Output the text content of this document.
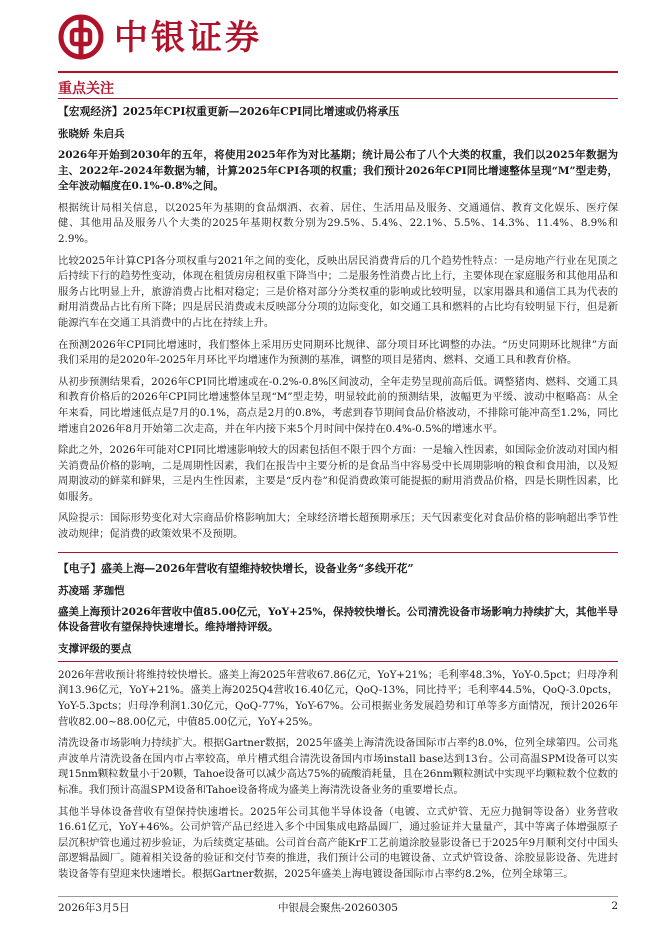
中银证券
重点关注
【宏观经济】2025年CPI权重更新—2026年CPI同比增速或仍将承压
张晓娇 朱启兵

2026年开始到2030年的五年，将使用2025年作为对比基期；统计局公布了八个大类的权重，我们以2025年数据为主、2022年-2024年数据为辅，计算2025年CPI各项的权重；我们预计2026年CPI同比增速整体呈现“M”型走势，全年波动幅度在0.1%-0.8%之间。

根据统计局相关信息，以2025年为基期的食品烟酒、衣着、居住、生活用品及服务、交通通信、教育文化娱乐、医疗保健、其他用品及服务八个大类的2025年基期权数分别为29.5%、5.4%、22.1%、5.5%、14.3%、11.4%、8.9%和2.9%。

比较2025年计算CPI各分项权重与2021年之间的变化，反映出居民消费背后的几个趋势性特点：一是房地产行业在见顶之后持续下行的趋势性变动，体现在租赁房房租权重下降当中；二是服务性消费占比上行，主要体现在家庭服务和其他用品和服务占比明显上升，旅游消费占比相对稳定；三是价格对部分分类权重的影响或比较明显，以家用器具和通信工具为代表的耐用消费品占比有所下降；四是居民消费或未反映部分分项的边际变化，如交通工具和燃料的占比均有较明显下行，但是新能源汽车在交通工具消费中的占比在持续上升。

在预测2026年CPI同比增速时，我们整体上采用历史同期环比规律、部分项目环比调整的办法。“历史同期环比规律”方面我们采用的是2020年-2025年月环比平均增速作为预测的基准，调整的项目是猪肉、燃料、交通工具和教育价格。

从初步预测结果看，2026年CPI同比增速或在-0.2%-0.8%区间波动，全年走势呈现前高后低。调整猪肉、燃料、交通工具和教育价格后的2026年CPI同比增速整体呈现“M”型走势，明显较此前的预测结果，波幅更为平缓、波动中枢略高：从全年来看，同比增速低点是7月的0.1%，高点是2月的0.8%，考虑到春节期间食品价格波动，不排除可能冲高至1.2%，同比增速自2026年8月开始第二次走高，并在年内接下来5个月时间中保持在0.4%-0.5%的增速水平。

除此之外，2026年可能对CPI同比增速影响较大的因素包括但不限于四个方面：一是输入性因素，如国际金价波动对国内相关消费品价格的影响，二是周期性因素，我们在报告中主要分析的是食品当中容易受中长周期影响的粮食和食用油，以及短周期波动的鲜菜和鲜果，三是内生性因素，主要是“反内卷”和促消费政策可能提振的耐用消费品价格，四是长期性因素，比如服务。

风险提示：国际形势变化对大宗商品价格影响加大；全球经济增长超预期承压；天气因素变化对食品价格的影响超出季节性波动规律；促消费的政策效果不及预期。

【电子】盛美上海—2026年营收有望维持较快增长，设备业务“多线开花”
苏凌瑶 茅珈恺

盛美上海预计2026年营收中值85.00亿元，YoY+25%，保持较快增长。公司清洗设备市场影响力持续扩大，其他半导体设备营收有望保持快速增长。维持增持评级。

支撑评级的要点

2026年营收预计将维持较快增长。盛美上海2025年营收67.86亿元，YoY+21%；毛利率48.3%，YoY-0.5pct；归母净利润13.96亿元，YoY+21%。盛美上海2025Q4营收16.40亿元，QoQ-13%，同比持平；毛利率44.5%，QoQ-3.0pcts，YoY-5.3pcts；归母净利润1.30亿元，QoQ-77%，YoY-67%。公司根据业务发展趋势和订单等多方面情况，预计2026年营收82.00~88.00亿元，中值85.00亿元，YoY+25%。

清洗设备市场影响力持续扩大。根据Gartner数据，2025年盛美上海清洗设备国际市占率约8.0%，位列全球第四。公司兆声波单片清洗设备在国内市占率较高，单片槽式组合清洗设备国内市场install base达到13台。公司高温SPM设备可以实现15nm颗粒数量小于20颗，Tahoe设备可以减少高达75%的硫酸消耗量，且在26nm颗粒测试中实现平均颗粒数个位数的标准。我们预计高温SPM设备和Tahoe设备将成为盛美上海清洗设备业务的重要增长点。

其他半导体设备营收有望保持快速增长。2025年公司其他半导体设备（电镀、立式炉管、无应力抛铜等设备）业务营收16.61亿元，YoY+46%。公司炉管产品已经进入多个中国集成电路晶圆厂，通过验证并大量量产，其中等离子体增强原子层沉积炉管也通过初步验证，为后续奠定基础。公司首台高产能KrF工艺前道涂胶显影设备已于2025年9月顺利交付中国头部逻辑晶圆厂。随着相关设备的验证和交付节奏的推进，我们预计公司的电镀设备、立式炉管设备、涂胶显影设备、先进封装设备等有望迎来快速增长。根据Gartner数据，2025年盛美上海电镀设备国际市占率约8.2%，位列全球第三。

2026年3月5日	中银晨会聚焦-20260305	2
